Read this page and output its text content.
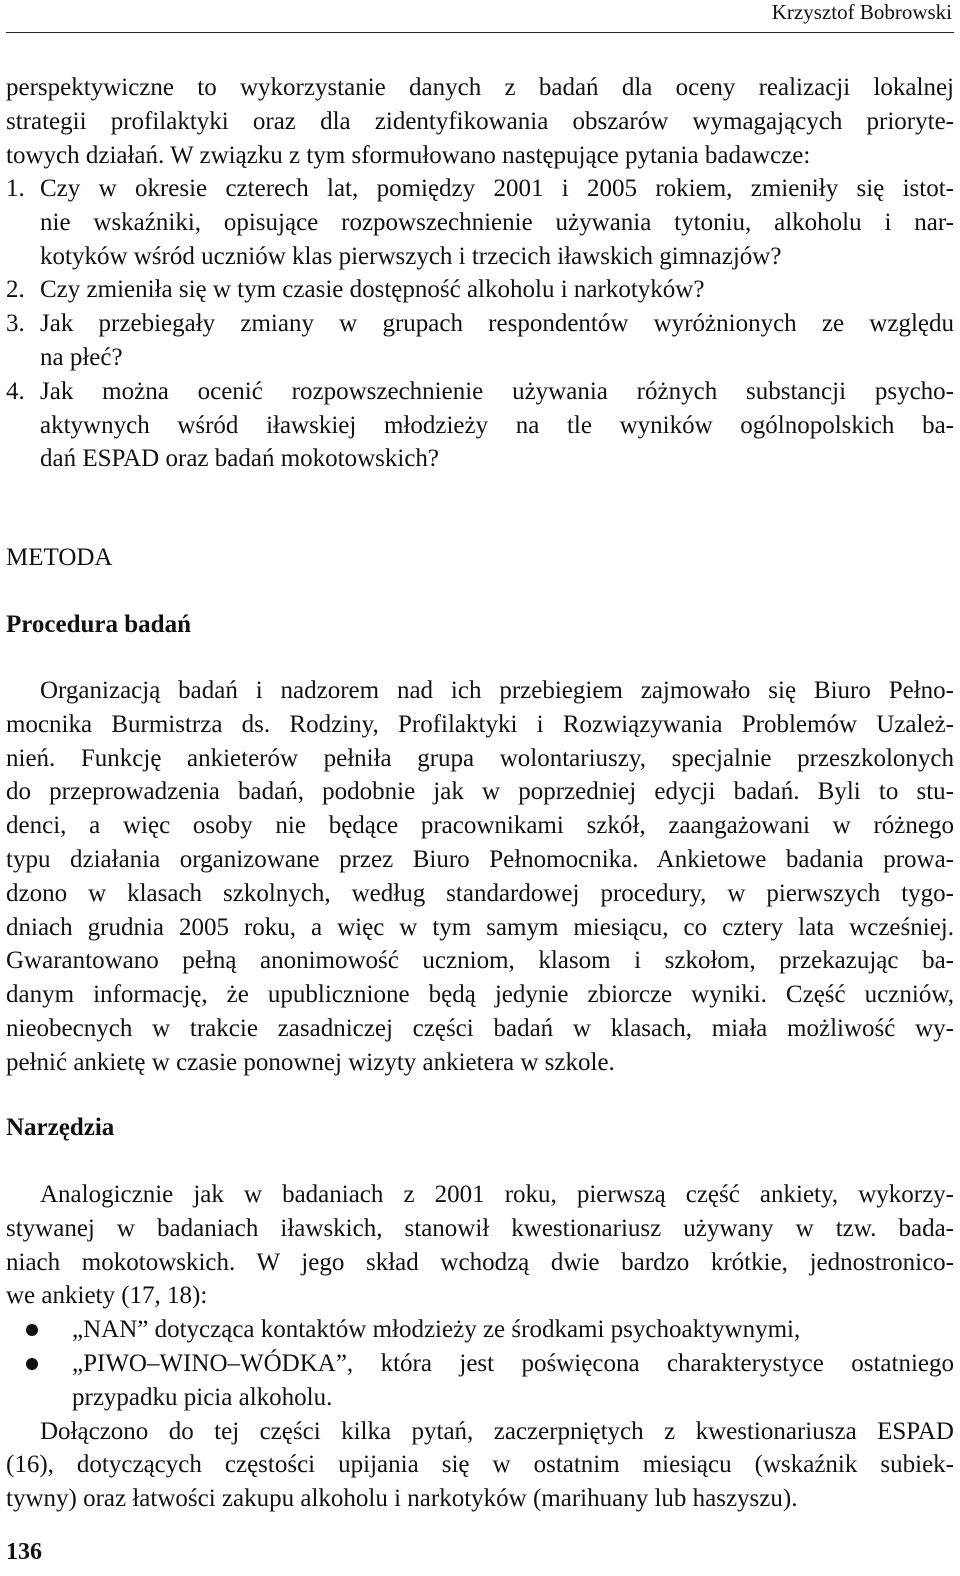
Krzysztof Bobrowski
perspektywiczne to wykorzystanie danych z badań dla oceny realizacji lokalnej
strategii profilaktyki oraz dla zidentyfikowania obszarów wymagających prioryte-
towych działań. W związku z tym sformułowano następujące pytania badawcze:
1. Czy w okresie czterech lat, pomiędzy 2001 i 2005 rokiem, zmieniły się istot-
nie wskaźniki, opisujące rozpowszechnienie używania tytoniu, alkoholu i nar-
kotyków wśród uczniów klas pierwszych i trzecich iławskich gimnazjów?
2. Czy zmieniła się w tym czasie dostępność alkoholu i narkotyków?
3. Jak przebiegały zmiany w grupach respondentów wyróżnionych ze względu
na płeć?
4. Jak można ocenić rozpowszechnienie używania różnych substancji psycho-
aktywnych wśród iławskiej młodzieży na tle wyników ogólnopolskich ba-
dań ESPAD oraz badań mokotowskich?
METODA
Procedura badań
Organizacją badań i nadzorem nad ich przebiegiem zajmowało się Biuro Pełno-
mocnika Burmistrza ds. Rodziny, Profilaktyki i Rozwiązywania Problemów Uzależ-
nień. Funkcję ankieterów pełniła grupa wolontariuszy, specjalnie przeszkolonych
do przeprowadzenia badań, podobnie jak w poprzedniej edycji badań. Byli to stu-
denci, a więc osoby nie będące pracownikami szkół, zaangażowani w różnego
typu działania organizowane przez Biuro Pełnomocnika. Ankietowe badania prowa-
dzono w klasach szkolnych, według standardowej procedury, w pierwszych tygo-
dniach grudnia 2005 roku, a więc w tym samym miesiącu, co cztery lata wcześniej.
Gwarantowano pełną anonimowość uczniom, klasom i szkołom, przekazując ba-
danym informację, że upublicznione będą jedynie zbiorcze wyniki. Część uczniów,
nieobecnych w trakcie zasadniczej części badań w klasach, miała możliwość wy-
pełnić ankietę w czasie ponownej wizyty ankietera w szkole.
Narzędzia
Analogicznie jak w badaniach z 2001 roku, pierwszą część ankiety, wykorzy-
stywanej w badaniach iławskich, stanowił kwestionariusz używany w tzw. bada-
niach mokotowskich. W jego skład wchodzą dwie bardzo krótkie, jednostronico-
we ankiety (17, 18):
„NAN” dotycząca kontaktów młodzieży ze środkami psychoaktywnymi,
„PIWO–WINO–WÓDKA”, która jest poświęcona charakterystyce ostatniego
przypadku picia alkoholu.
Dołączono do tej części kilka pytań, zaczerpniętych z kwestionariusza ESPAD
(16), dotyczących częstości upijania się w ostatnim miesiącu (wskaźnik subiek-
tywny) oraz łatwości zakupu alkoholu i narkotyków (marihuany lub haszyszu).
136
